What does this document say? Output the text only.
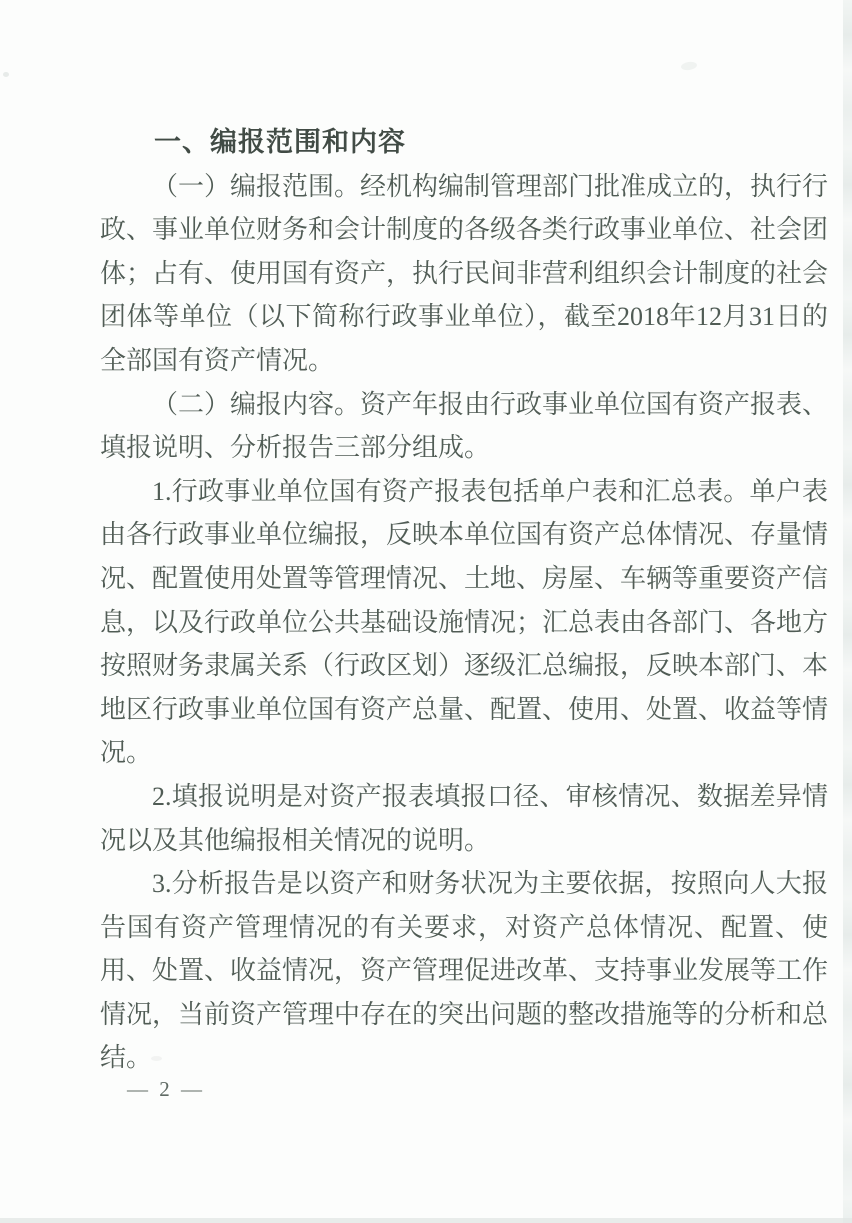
一、编报范围和内容

（一）编报范围。经机构编制管理部门批准成立的，执行行政、事业单位财务和会计制度的各级各类行政事业单位、社会团体；占有、使用国有资产，执行民间非营利组织会计制度的社会团体等单位（以下简称行政事业单位），截至2018年12月31日的全部国有资产情况。

（二）编报内容。资产年报由行政事业单位国有资产报表、填报说明、分析报告三部分组成。

1.行政事业单位国有资产报表包括单户表和汇总表。单户表由各行政事业单位编报，反映本单位国有资产总体情况、存量情况、配置使用处置等管理情况、土地、房屋、车辆等重要资产信息，以及行政单位公共基础设施情况；汇总表由各部门、各地方按照财务隶属关系（行政区划）逐级汇总编报，反映本部门、本地区行政事业单位国有资产总量、配置、使用、处置、收益等情况。

2.填报说明是对资产报表填报口径、审核情况、数据差异情况以及其他编报相关情况的说明。

3.分析报告是以资产和财务状况为主要依据，按照向人大报告国有资产管理情况的有关要求，对资产总体情况、配置、使用、处置、收益情况，资产管理促进改革、支持事业发展等工作情况，当前资产管理中存在的突出问题的整改措施等的分析和总结。

— 2 —
